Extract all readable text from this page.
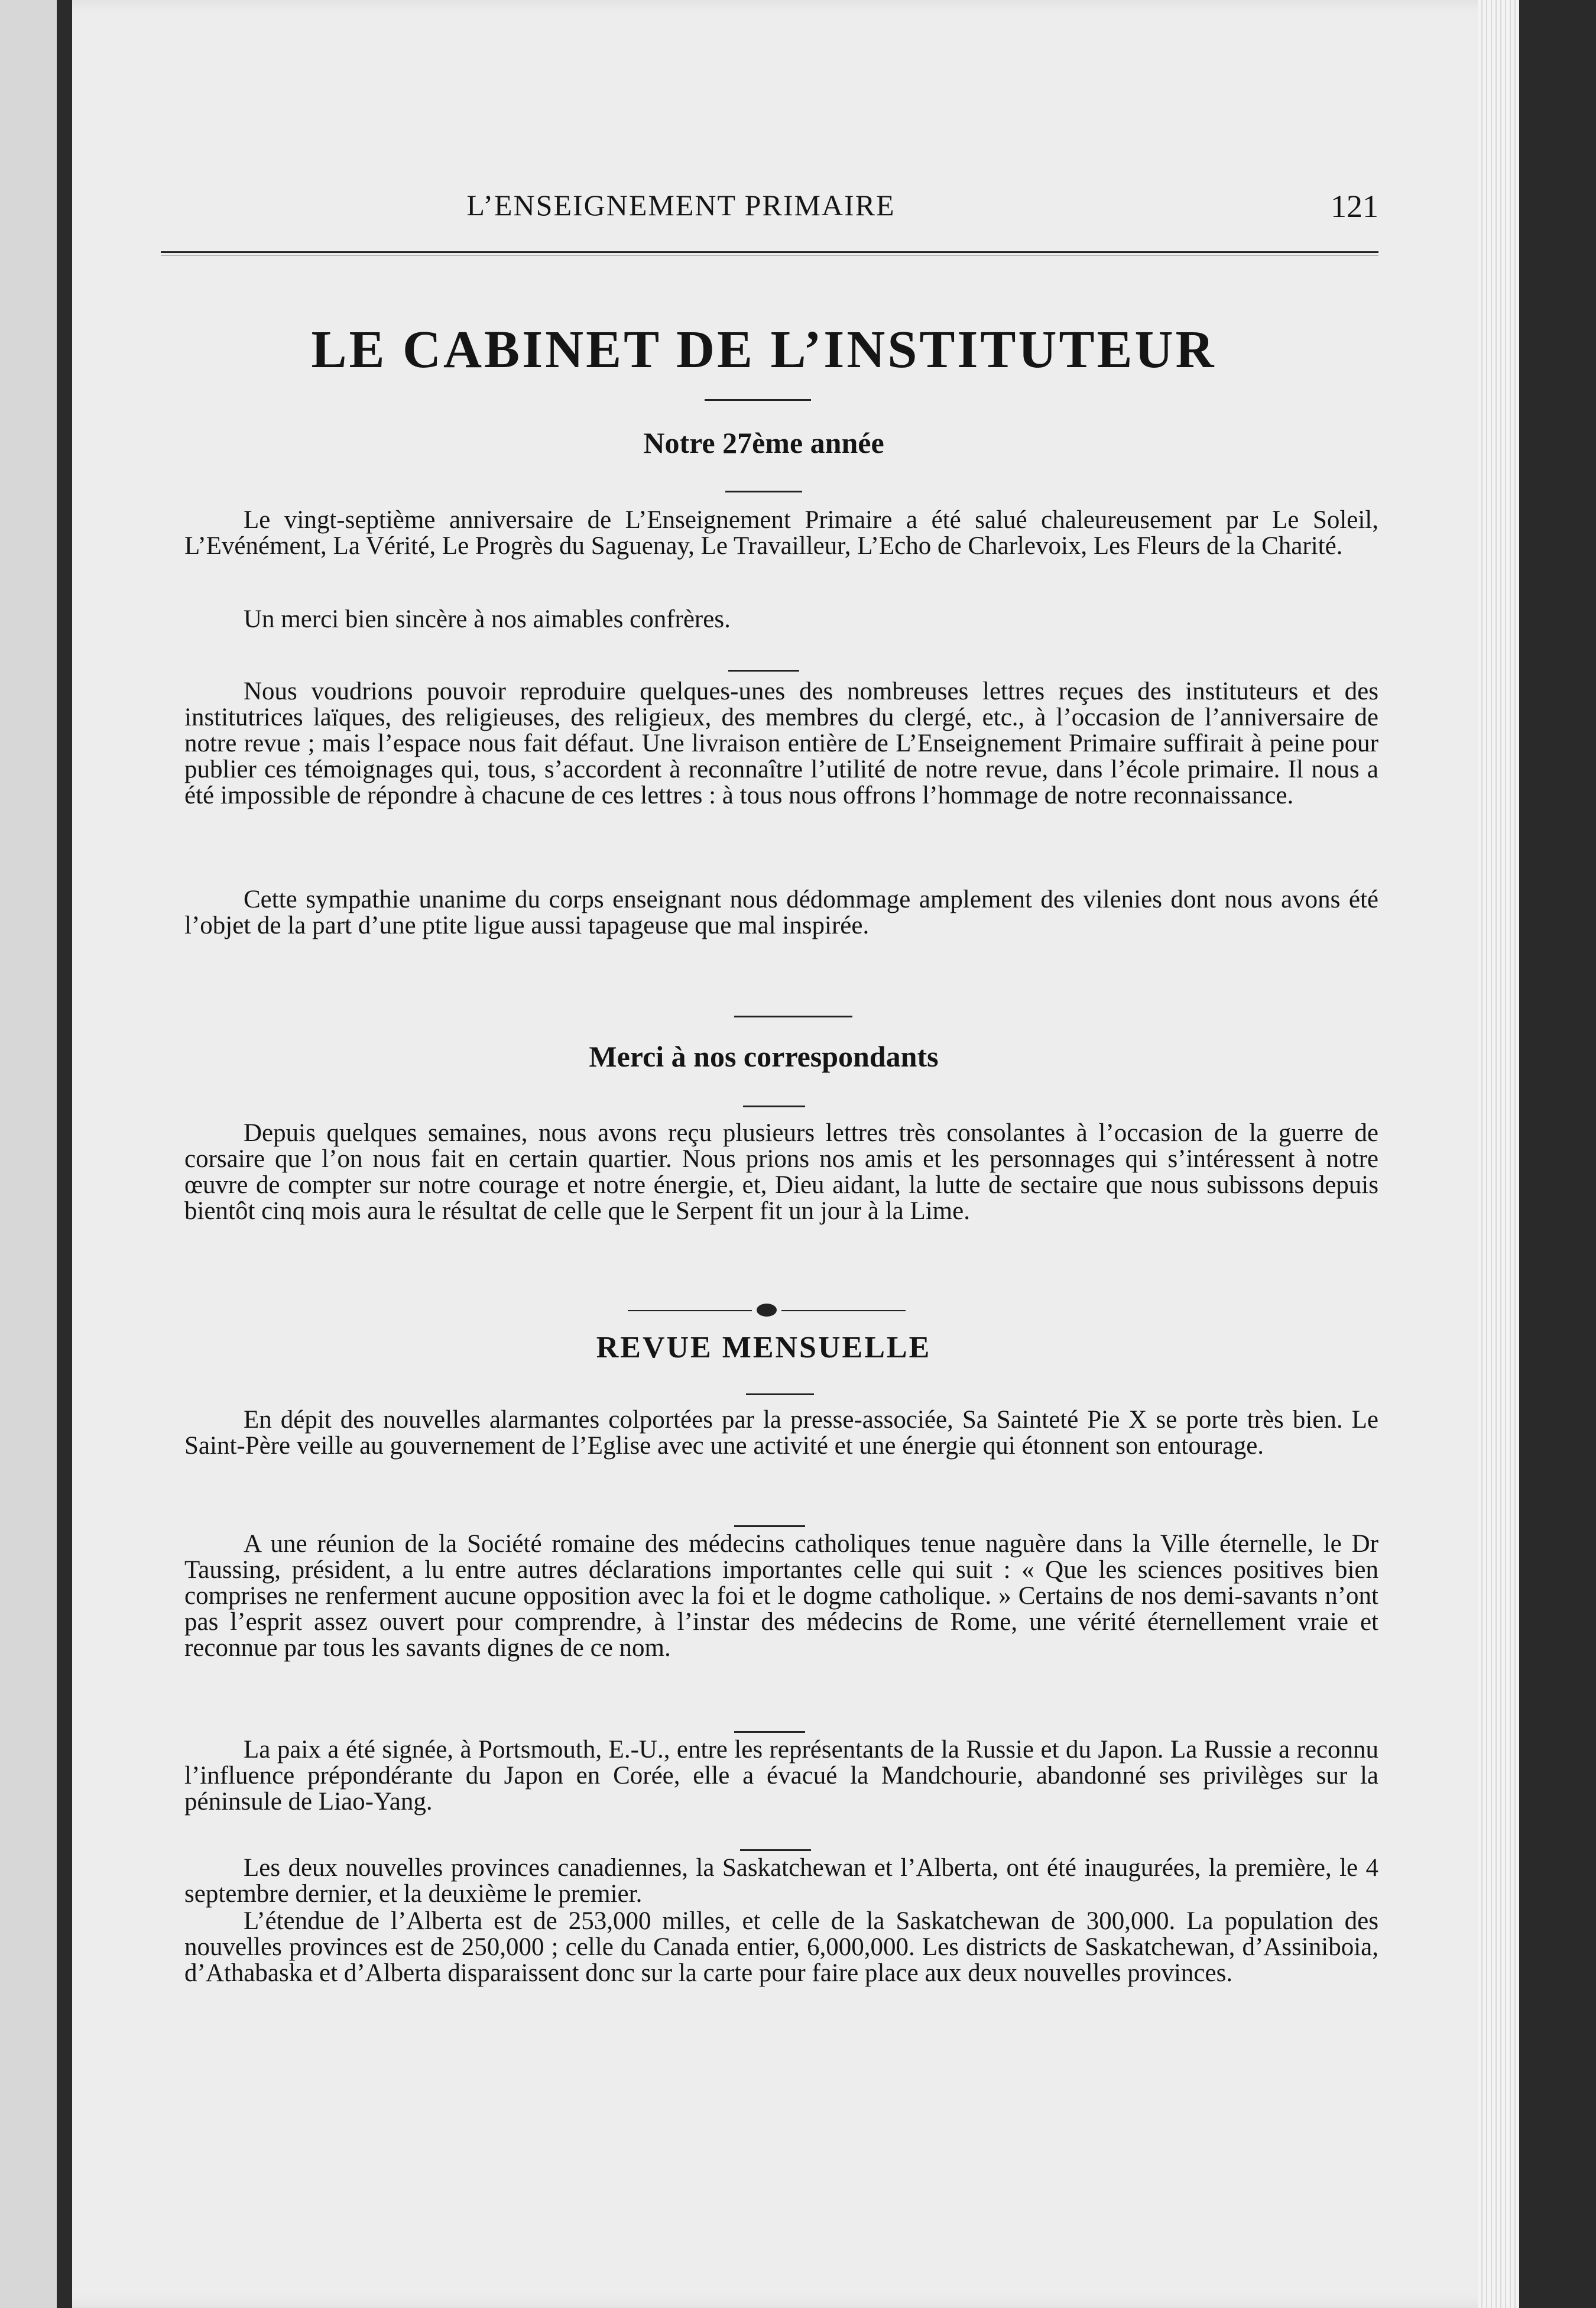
L’ENSEIGNEMENT PRIMAIRE	121
LE CABINET DE L’INSTITUTEUR
Notre 27ème année
Le vingt-septième anniversaire de L’Enseignement Primaire a été salué chaleureusement par Le Soleil, L’Evénément, La Vérité, Le Progrès du Saguenay, Le Travailleur, L’Echo de Charlevoix, Les Fleurs de la Charité.
Un merci bien sincère à nos aimables confrères.
Nous voudrions pouvoir reproduire quelques-unes des nombreuses lettres reçues des instituteurs et des institutrices laïques, des religieuses, des religieux, des membres du clergé, etc., à l’occasion de l’anniversaire de notre revue ; mais l’espace nous fait défaut. Une livraison entière de L’Enseignement Primaire suffirait à peine pour publier ces témoignages qui, tous, s’accordent à reconnaître l’utilité de notre revue, dans l’école primaire. Il nous a été impossible de répondre à chacune de ces lettres : à tous nous offrons l’hommage de notre reconnaissance.
Cette sympathie unanime du corps enseignant nous dédommage amplement des vilenies dont nous avons été l’objet de la part d’une ptite ligue aussi tapageuse que mal inspirée.
Merci à nos correspondants
Depuis quelques semaines, nous avons reçu plusieurs lettres très consolantes à l’occasion de la guerre de corsaire que l’on nous fait en certain quartier. Nous prions nos amis et les personnages qui s’intéressent à notre œuvre de compter sur notre courage et notre énergie, et, Dieu aidant, la lutte de sectaire que nous subissons depuis bientôt cinq mois aura le résultat de celle que le Serpent fit un jour à la Lime.
REVUE MENSUELLE
En dépit des nouvelles alarmantes colportées par la presse-associée, Sa Sainteté Pie X se porte très bien. Le Saint-Père veille au gouvernement de l’Eglise avec une activité et une énergie qui étonnent son entourage.
A une réunion de la Société romaine des médecins catholiques tenue naguère dans la Ville éternelle, le Dr Taussing, président, a lu entre autres déclarations importantes celle qui suit : « Que les sciences positives bien comprises ne renferment aucune opposition avec la foi et le dogme catholique. » Certains de nos demi-savants n’ont pas l’esprit assez ouvert pour comprendre, à l’instar des médecins de Rome, une vérité éternellement vraie et reconnue par tous les savants dignes de ce nom.
La paix a été signée, à Portsmouth, E.-U., entre les représentants de la Russie et du Japon. La Russie a reconnu l’influence prépondérante du Japon en Corée, elle a évacué la Mandchourie, abandonné ses privilèges sur la péninsule de Liao-Yang.
Les deux nouvelles provinces canadiennes, la Saskatchewan et l’Alberta, ont été inaugurées, la première, le 4 septembre dernier, et la deuxième le premier.
L’étendue de l’Alberta est de 253,000 milles, et celle de la Saskatchewan de 300,000. La population des nouvelles provinces est de 250,000 ; celle du Canada entier, 6,000,000. Les districts de Saskatchewan, d’Assiniboia, d’Athabaska et d’Alberta disparaissent donc sur la carte pour faire place aux deux nouvelles provinces.
